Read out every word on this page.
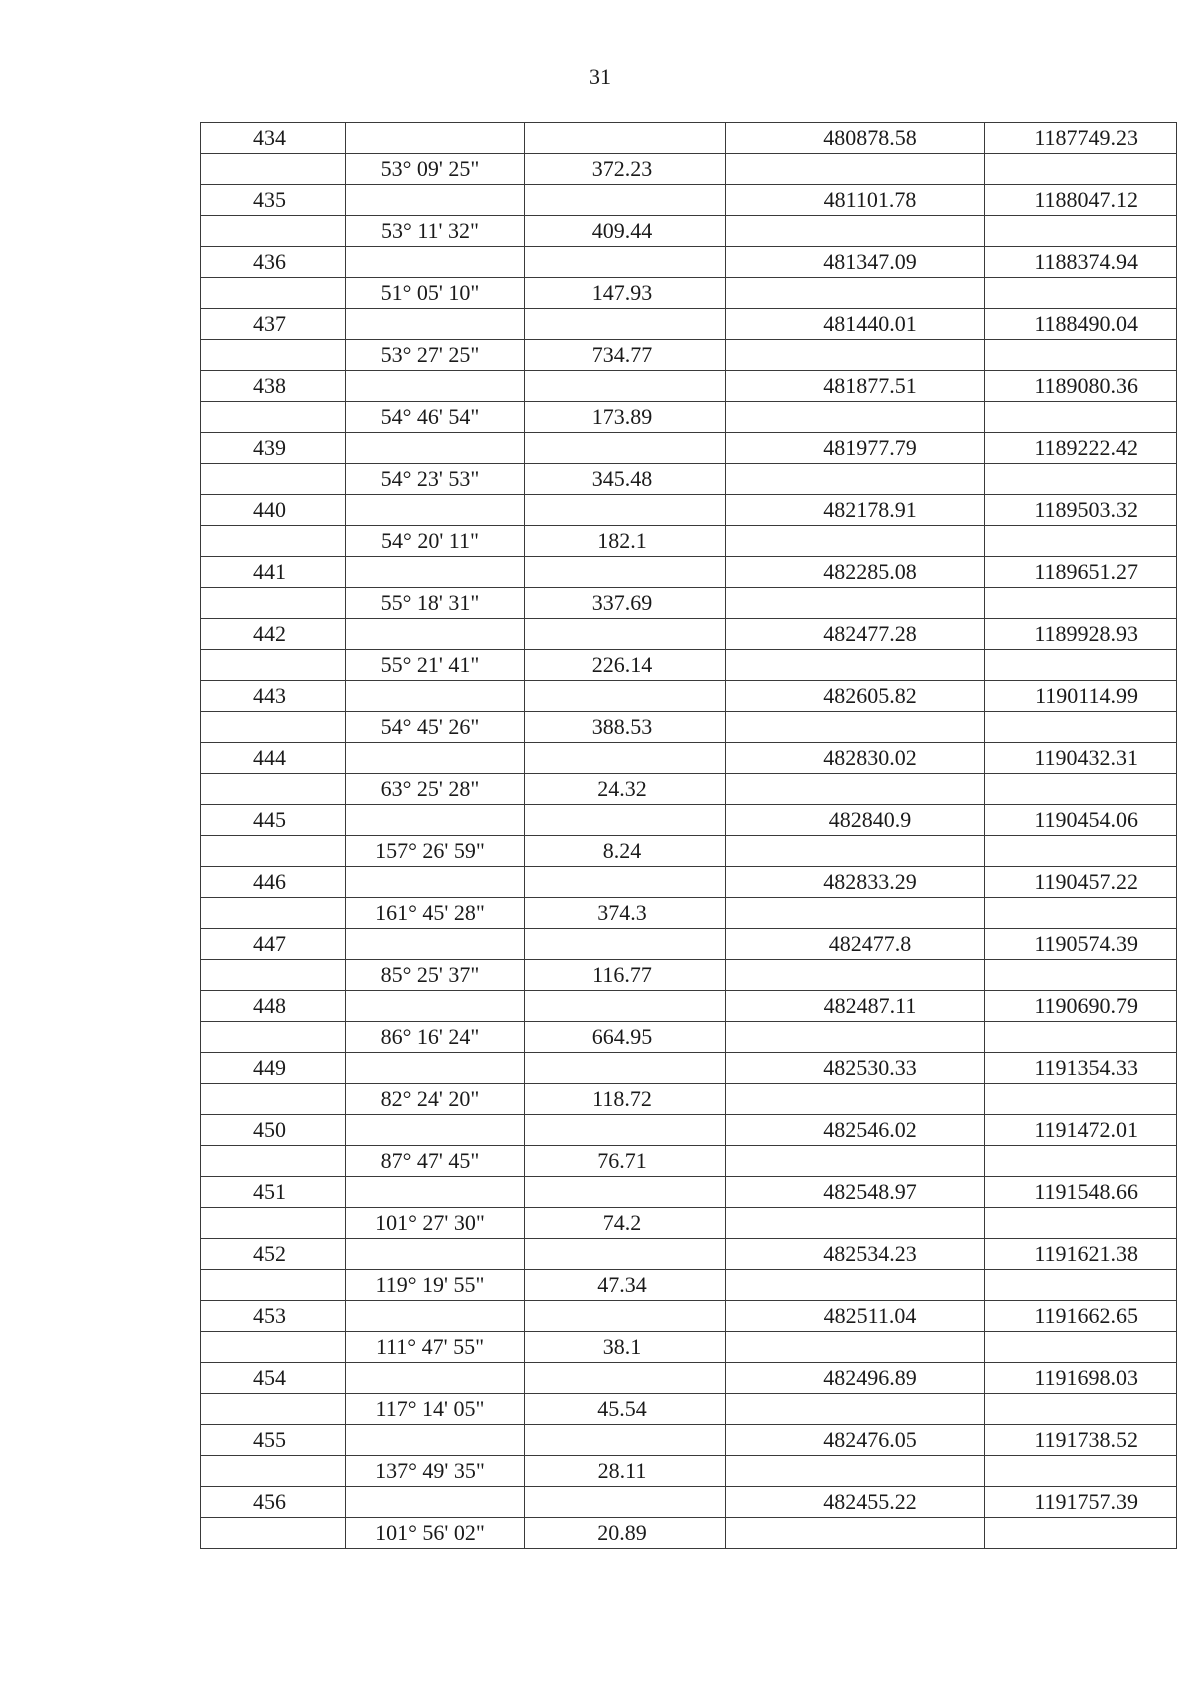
31
434			480878.58	1187749.23
	53° 09' 25"	372.23		
435			481101.78	1188047.12
	53° 11' 32"	409.44		
436			481347.09	1188374.94
	51° 05' 10"	147.93		
437			481440.01	1188490.04
	53° 27' 25"	734.77		
438			481877.51	1189080.36
	54° 46' 54"	173.89		
439			481977.79	1189222.42
	54° 23' 53"	345.48		
440			482178.91	1189503.32
	54° 20' 11"	182.1		
441			482285.08	1189651.27
	55° 18' 31"	337.69		
442			482477.28	1189928.93
	55° 21' 41"	226.14		
443			482605.82	1190114.99
	54° 45' 26"	388.53		
444			482830.02	1190432.31
	63° 25' 28"	24.32		
445			482840.9	1190454.06
	157° 26' 59"	8.24		
446			482833.29	1190457.22
	161° 45' 28"	374.3		
447			482477.8	1190574.39
	85° 25' 37"	116.77		
448			482487.11	1190690.79
	86° 16' 24"	664.95		
449			482530.33	1191354.33
	82° 24' 20"	118.72		
450			482546.02	1191472.01
	87° 47' 45"	76.71		
451			482548.97	1191548.66
	101° 27' 30"	74.2		
452			482534.23	1191621.38
	119° 19' 55"	47.34		
453			482511.04	1191662.65
	111° 47' 55"	38.1		
454			482496.89	1191698.03
	117° 14' 05"	45.54		
455			482476.05	1191738.52
	137° 49' 35"	28.11		
456			482455.22	1191757.39
	101° 56' 02"	20.89		
